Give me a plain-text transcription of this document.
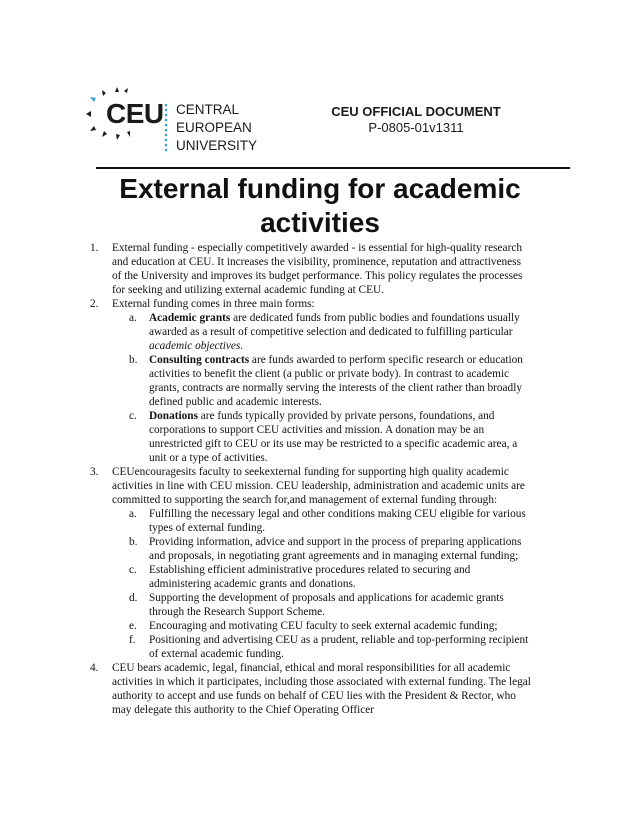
CEU CENTRAL
EUROPEAN
UNIVERSITY
CEU OFFICIAL DOCUMENT
P-0805-01v1311
External funding for academic
activities
1. External funding - especially competitively awarded - is essential for high-quality research and education at CEU. It increases the visibility, prominence, reputation and attractiveness of the University and improves its budget performance. This policy regulates the processes for seeking and utilizing external academic funding at CEU.
2. External funding comes in three main forms:
a. Academic grants are dedicated funds from public bodies and foundations usually awarded as a result of competitive selection and dedicated to fulfilling particular academic objectives.
b. Consulting contracts are funds awarded to perform specific research or education activities to benefit the client (a public or private body). In contrast to academic grants, contracts are normally serving the interests of the client rather than broadly defined public and academic interests.
c. Donations are funds typically provided by private persons, foundations, and corporations to support CEU activities and mission. A donation may be an unrestricted gift to CEU or its use may be restricted to a specific academic area, a unit or a type of activities.
3. CEUencouragesits faculty to seekexternal funding for supporting high quality academic activities in line with CEU mission. CEU leadership, administration and academic units are committed to supporting the search for,and management of external funding through:
a. Fulfilling the necessary legal and other conditions making CEU eligible for various types of external funding.
b. Providing information, advice and support in the process of preparing applications and proposals, in negotiating grant agreements and in managing external funding;
c. Establishing efficient administrative procedures related to securing and administering academic grants and donations.
d. Supporting the development of proposals and applications for academic grants through the Research Support Scheme.
e. Encouraging and motivating CEU faculty to seek external academic funding;
f. Positioning and advertising CEU as a prudent, reliable and top-performing recipient of external academic funding.
4. CEU bears academic, legal, financial, ethical and moral responsibilities for all academic activities in which it participates, including those associated with external funding. The legal authority to accept and use funds on behalf of CEU lies with the President & Rector, who may delegate this authority to the Chief Operating Officer
